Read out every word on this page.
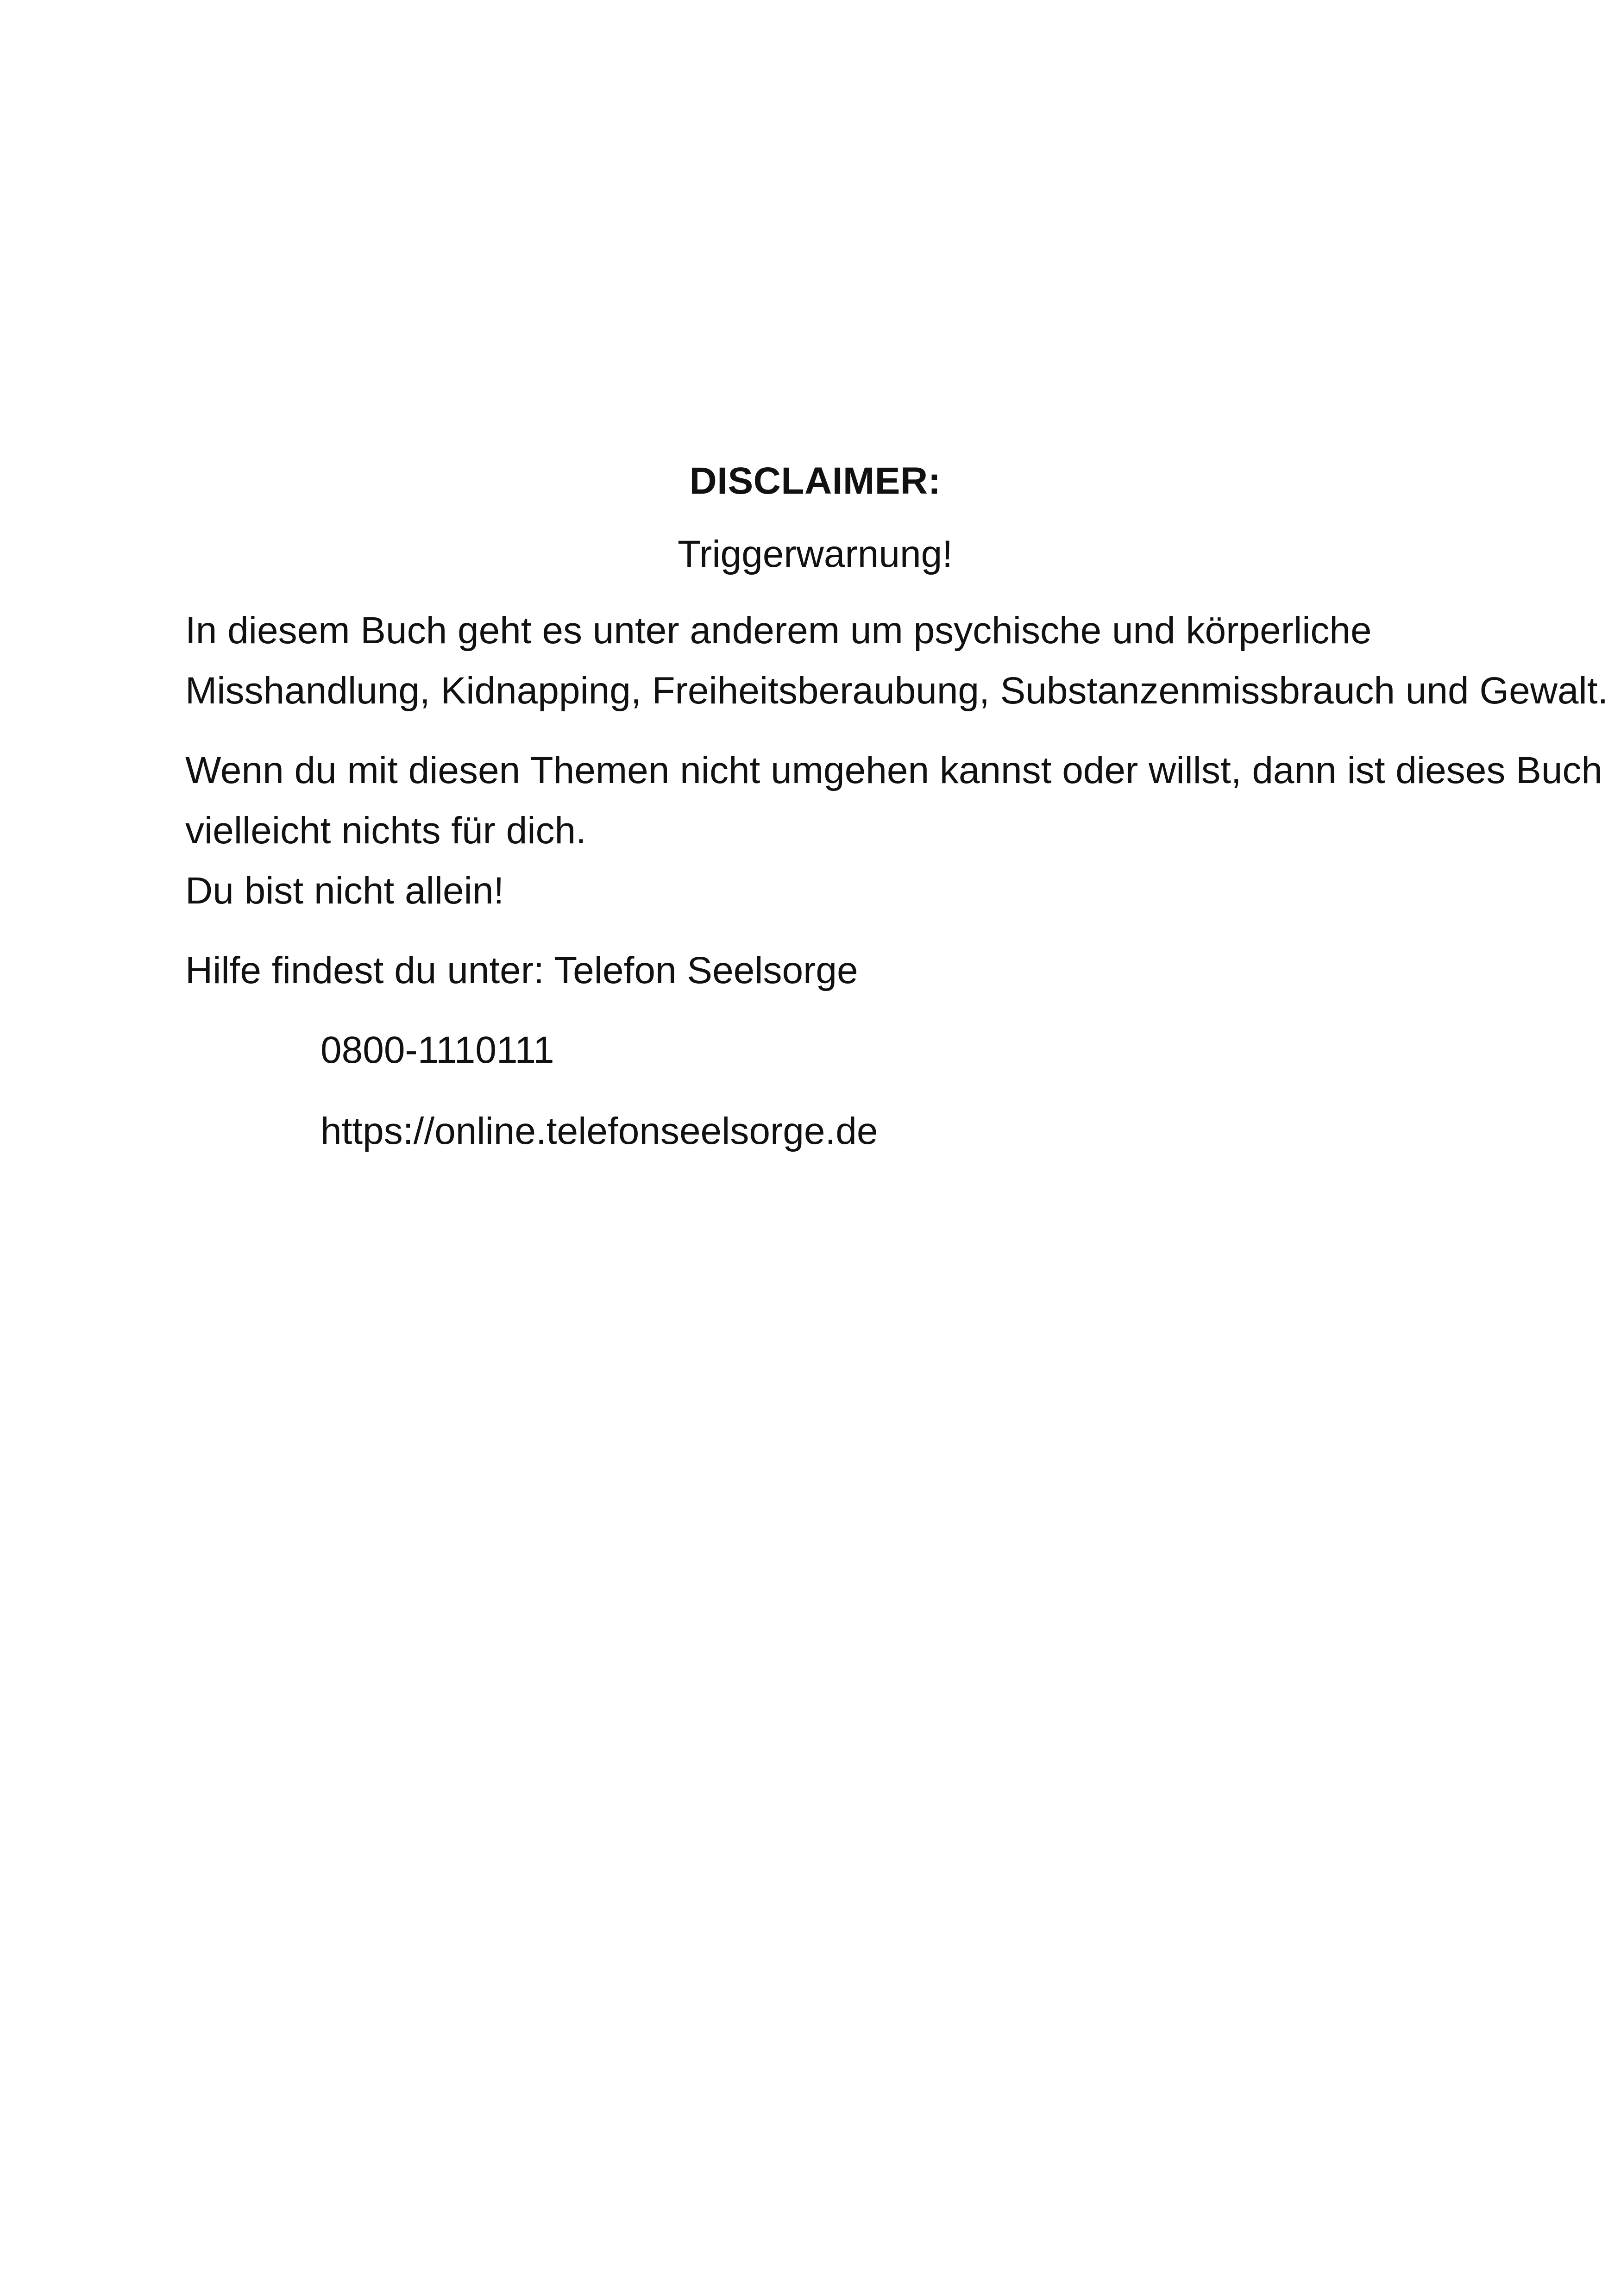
DISCLAIMER:
Triggerwarnung!
In diesem Buch geht es unter anderem um psychische und körperliche
Misshandlung, Kidnapping, Freiheitsberaubung, Substanzenmissbrauch und Gewalt.
Wenn du mit diesen Themen nicht umgehen kannst oder willst, dann ist dieses Buch
vielleicht nichts für dich.
Du bist nicht allein!
Hilfe findest du unter: Telefon Seelsorge
0800-1110111
https://online.telefonseelsorge.de
